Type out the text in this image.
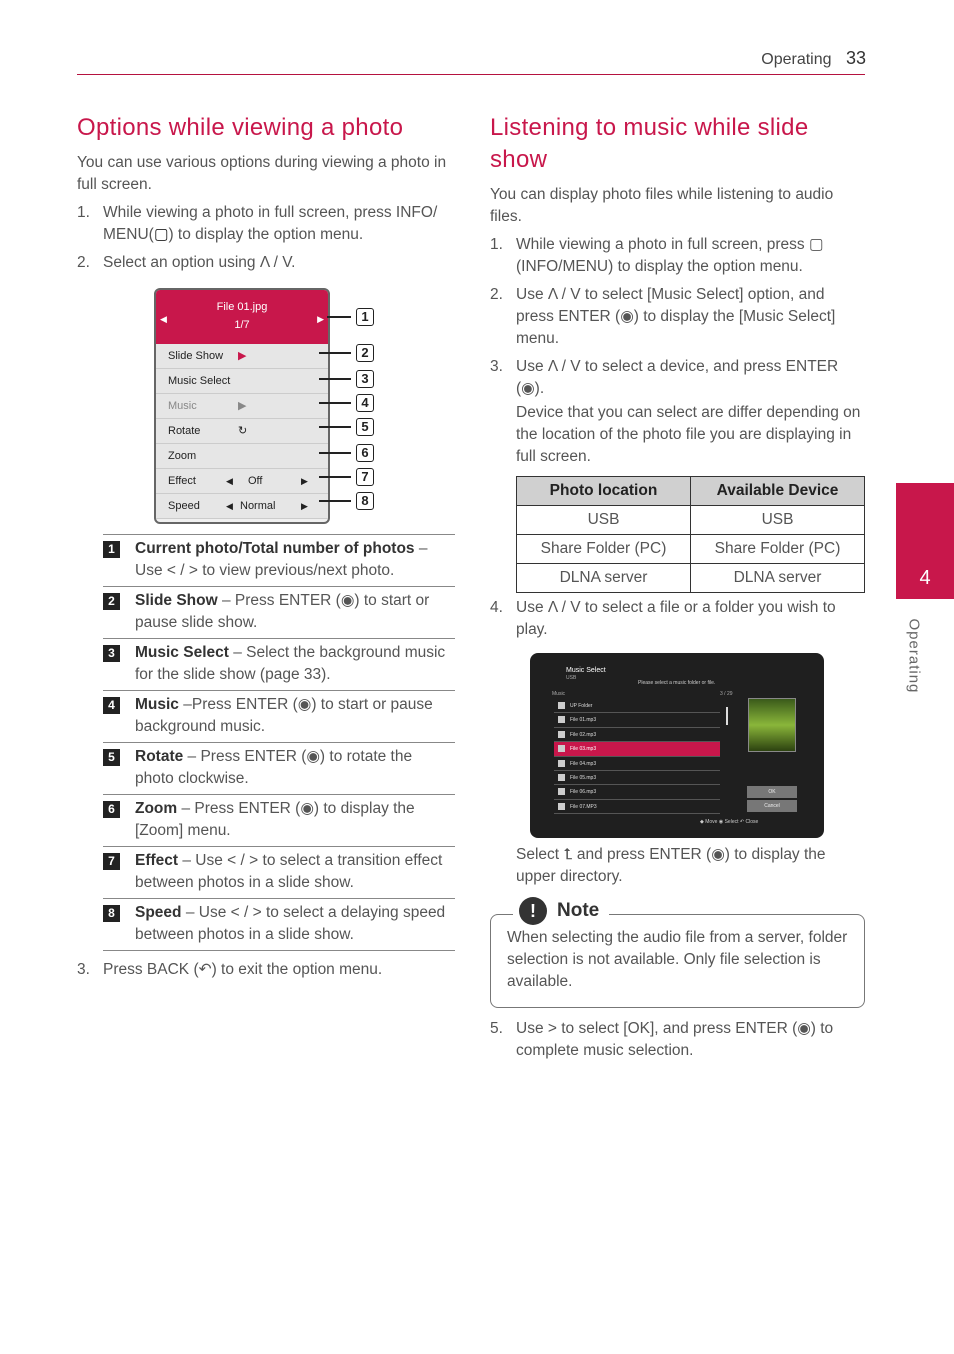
Operating 33
4
Operating
Options while viewing a photo

You can use various options during viewing a photo in full screen.

1. While viewing a photo in full screen, press INFO/ MENU(▢) to display the option menu.
2. Select an option using Λ / V.
◀
File 01.jpg
1/7	▶
Slide Show ▶
Music Select
Music	▶
Rotate	↻
Zoom
Effect	◀ Off	▶
Speed	◀ Normal	▶
1
2
3
4
5
6
7
8
1	Current photo/Total number of photos – Use < / > to view previous/next photo.
2	Slide Show – Press ENTER (◉) to start or pause slide show.
3	Music Select – Select the background music for the slide show (page 33).
4	Music –Press ENTER (◉) to start or pause background music.
5	Rotate – Press ENTER (◉) to rotate the photo clockwise.
6	Zoom – Press ENTER (◉) to display the [Zoom] menu.
7	Effect – Use < / > to select a transition effect between photos in a slide show.
8	Speed – Use < / > to select a delaying speed between photos in a slide show.
3. Press BACK (↶) to exit the option menu.
Listening to music while slide show

You can display photo files while listening to audio files.

1. While viewing a photo in full screen, press ▢ (INFO/MENU) to display the option menu.
2. Use Λ / V to select [Music Select] option, and press ENTER (◉) to display the [Music Select] menu.
3. Use Λ / V to select a device, and press ENTER (◉).
Device that you can select are differ depending on the location of the photo file you are displaying in full screen.
Photo location	Available Device
USB	USB
Share Folder (PC)	Share Folder (PC)
DLNA server	DLNA server
4. Use Λ / V to select a file or a folder you wish to play.
Music Select
USB
Please select a music folder or file.
Music	3 / 29
UP Folder
File 01.mp3
File 02.mp3
File 03.mp3
File 04.mp3
File 05.mp3
File 06.mp3
File 07.MP3
OK
Cancel
◆ Move ◉ Select ↶ Close
Select ⮤ and press ENTER (◉) to display the upper directory.
! Note

When selecting the audio file from a server, folder selection is not available. Only file selection is available.

5. Use > to select [OK], and press ENTER (◉) to complete music selection.
